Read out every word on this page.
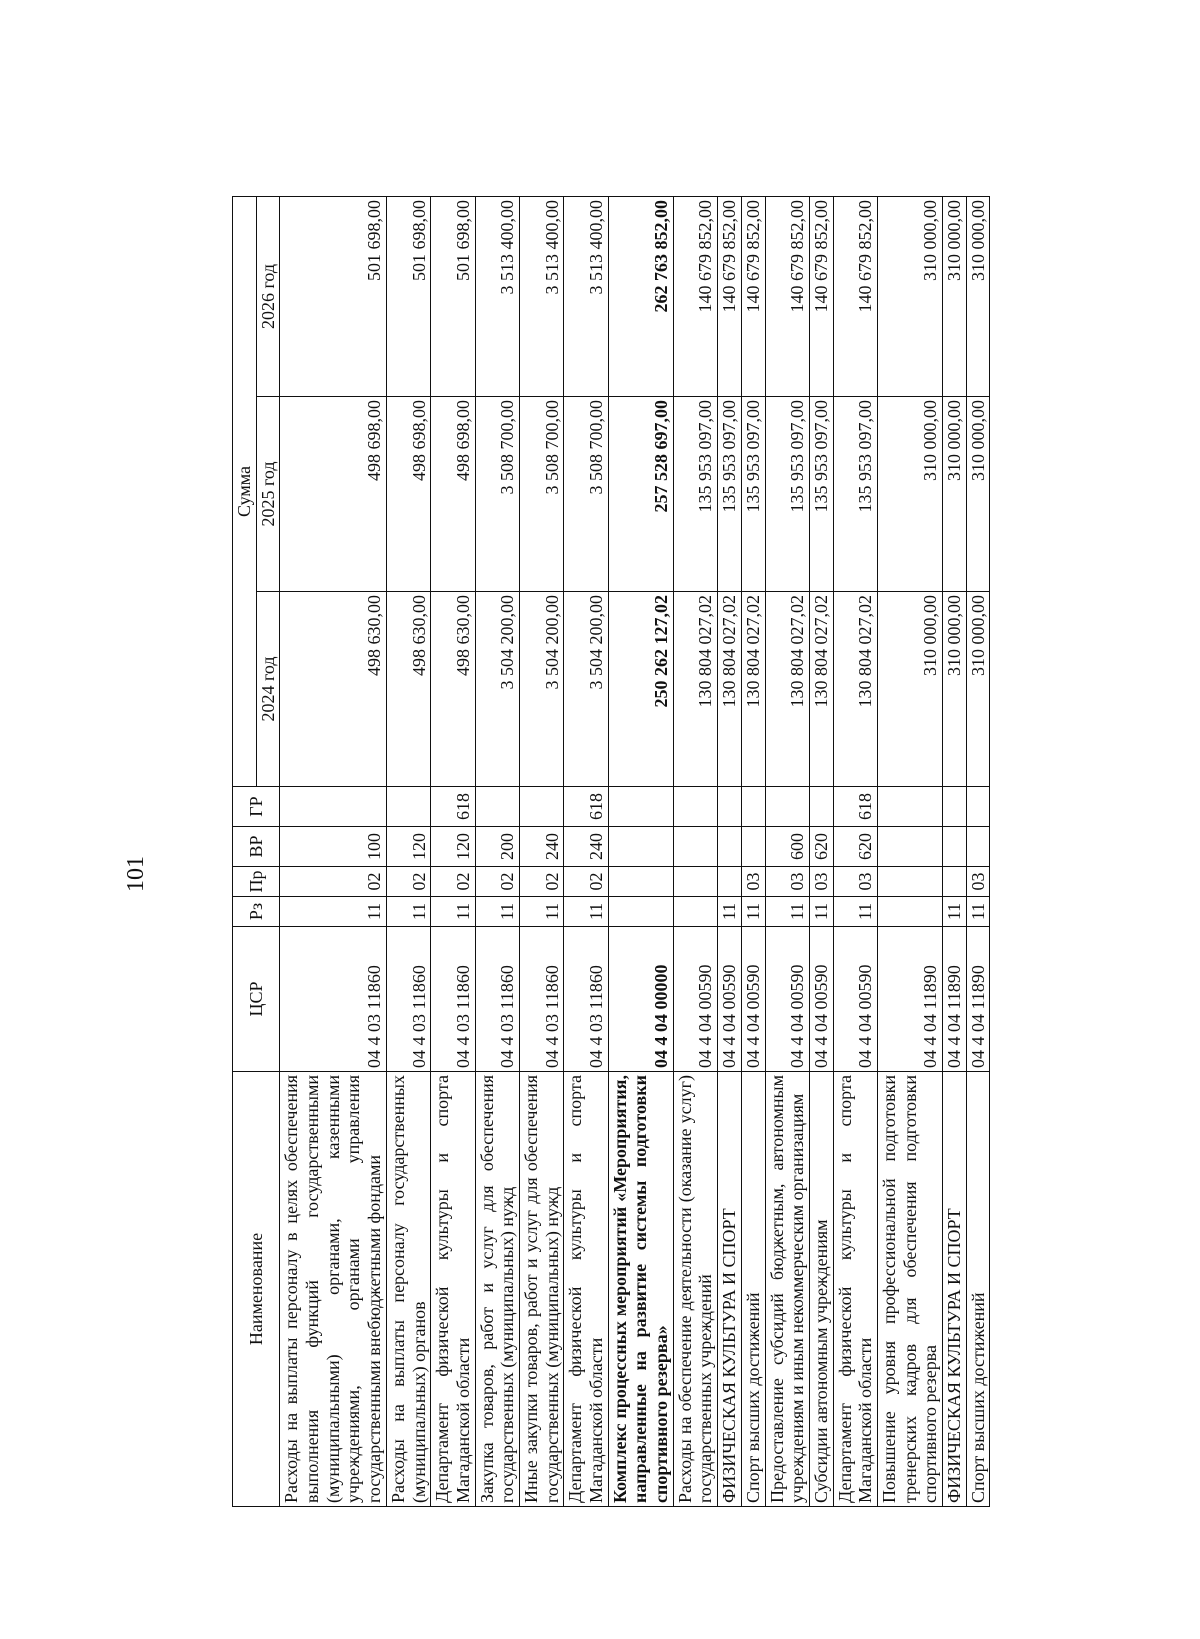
101
Наименование	ЦСР	Рз	Пр	ВР	ГР	Сумма		
						2024 год	2025 год	2026 год
Расходы на выплаты персоналу в целях обеспечения выполнения функций государственными (муниципальными) органами, казенными учреждениями, органами управления государственными внебюджетными фондами	04 4 03 11860	11	02	100		498 630,00	498 698,00	501 698,00
Расходы на выплаты персоналу государственных (муниципальных) органов	04 4 03 11860	11	02	120		498 630,00	498 698,00	501 698,00
Департамент физической культуры и спорта Магаданской области	04 4 03 11860	11	02	120	618	498 630,00	498 698,00	501 698,00
Закупка товаров, работ и услуг для обеспечения государственных (муниципальных) нужд	04 4 03 11860	11	02	200		3 504 200,00	3 508 700,00	3 513 400,00
Иные закупки товаров, работ и услуг для обеспечения государственных (муниципальных) нужд	04 4 03 11860	11	02	240		3 504 200,00	3 508 700,00	3 513 400,00
Департамент физической культуры и спорта Магаданской области	04 4 03 11860	11	02	240	618	3 504 200,00	3 508 700,00	3 513 400,00
Комплекс процессных мероприятий «Мероприятия, направленные на развитие системы подготовки спортивного резерва»	04 4 04 00000					250 262 127,02	257 528 697,00	262 763 852,00
Расходы на обеспечение деятельности (оказание услуг) государственных учреждений	04 4 04 00590					130 804 027,02	135 953 097,00	140 679 852,00
ФИЗИЧЕСКАЯ КУЛЬТУРА И СПОРТ	04 4 04 00590	11				130 804 027,02	135 953 097,00	140 679 852,00
Спорт высших достижений	04 4 04 00590	11	03			130 804 027,02	135 953 097,00	140 679 852,00
Предоставление субсидий бюджетным, автономным учреждениям и иным некоммерческим организациям	04 4 04 00590	11	03	600		130 804 027,02	135 953 097,00	140 679 852,00
Субсидии автономным учреждениям	04 4 04 00590	11	03	620		130 804 027,02	135 953 097,00	140 679 852,00
Департамент физической культуры и спорта Магаданской области	04 4 04 00590	11	03	620	618	130 804 027,02	135 953 097,00	140 679 852,00
Повышение уровня профессиональной подготовки тренерских кадров для обеспечения подготовки спортивного резерва	04 4 04 11890					310 000,00	310 000,00	310 000,00
ФИЗИЧЕСКАЯ КУЛЬТУРА И СПОРТ	04 4 04 11890	11				310 000,00	310 000,00	310 000,00
Спорт высших достижений	04 4 04 11890	11	03			310 000,00	310 000,00	310 000,00
